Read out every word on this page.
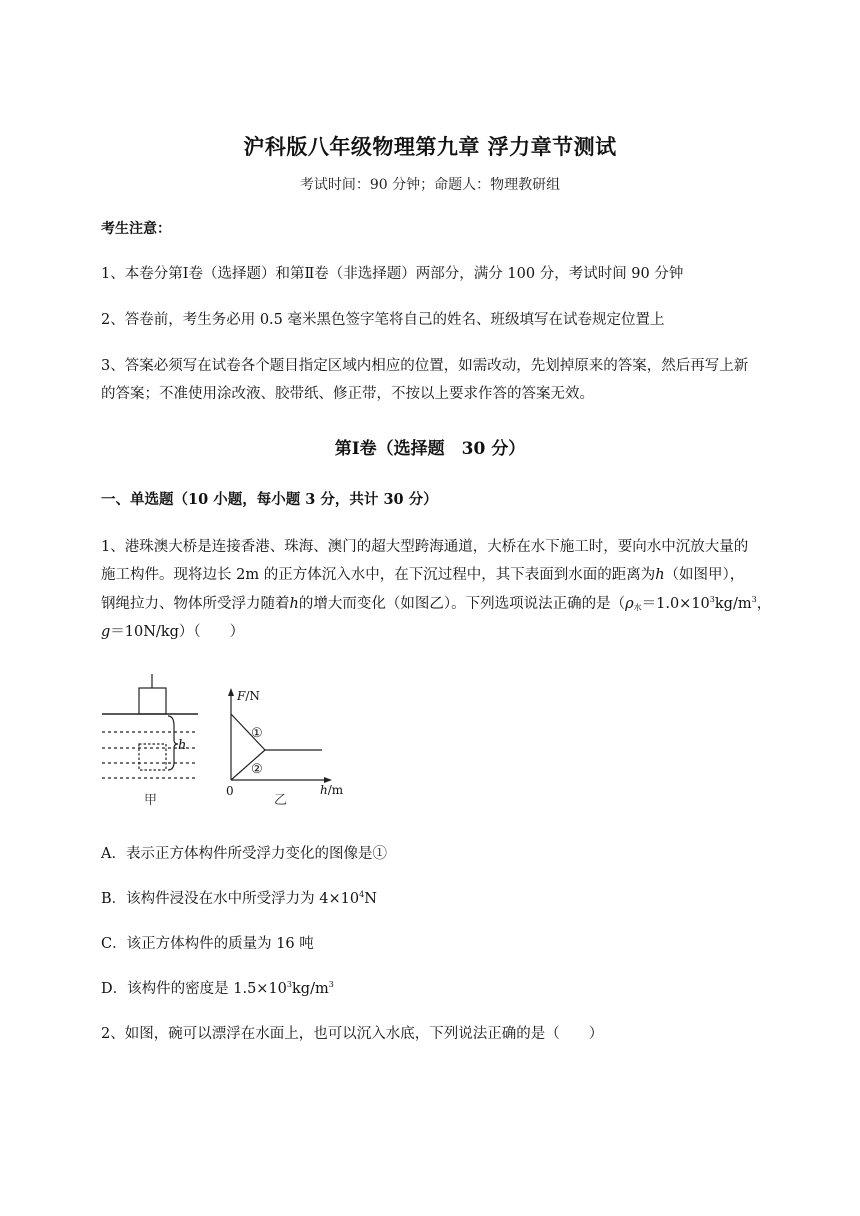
沪科版八年级物理第九章 浮力章节测试
考试时间：90 分钟；命题人：物理教研组
考生注意：
1、本卷分第Ⅰ卷（选择题）和第Ⅱ卷（非选择题）两部分，满分 100 分，考试时间 90 分钟
2、答卷前，考生务必用 0.5 毫米黑色签字笔将自己的姓名、班级填写在试卷规定位置上
3、答案必须写在试卷各个题目指定区域内相应的位置，如需改动，先划掉原来的答案，然后再写上新
的答案；不准使用涂改液、胶带纸、修正带，不按以上要求作答的答案无效。
第Ⅰ卷（选择题　30 分）
一、单选题（10 小题，每小题 3 分，共计 30 分）
1、港珠澳大桥是连接香港、珠海、澳门的超大型跨海通道，大桥在水下施工时，要向水中沉放大量的
施工构件。现将边长 2m 的正方体沉入水中，在下沉过程中，其下表面到水面的距离为h（如图甲），
钢绳拉力、物体所受浮力随着h的增大而变化（如图乙）。下列选项说法正确的是（$\rho_水=1.0\times 10^3kg/m^3$，
g＝10N/kg）（　　）
h
甲
F/N
0	h/m
①
②
乙
A．表示正方体构件所受浮力变化的图像是①
B．该构件浸没在水中所受浮力为 $4\times 10^4N$
C．该正方体构件的质量为 16 吨
D．该构件的密度是 $1.5\times 10^3kg/m^3$
2、如图，碗可以漂浮在水面上，也可以沉入水底，下列说法正确的是（　　）
